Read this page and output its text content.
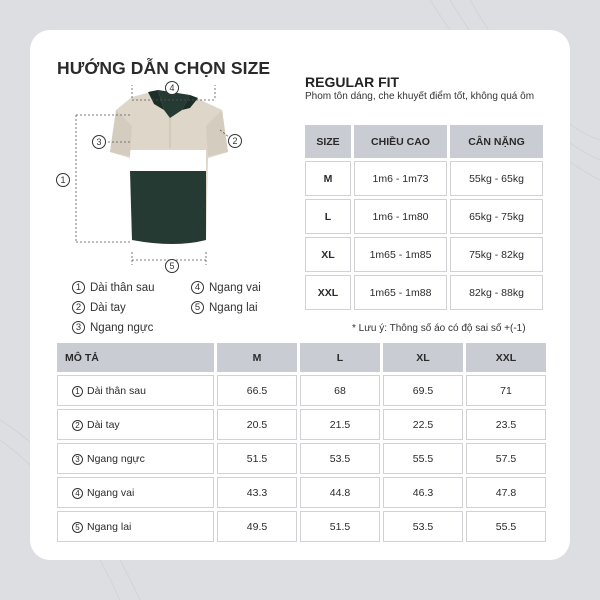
HƯỚNG DẪN CHỌN SIZE
1
2
3
4
5
1 Dài thân sau
2 Dài tay
3 Ngang ngực
4 Ngang vai
5 Ngang lai
REGULAR FIT
Phom tôn dáng, che khuyết điểm tốt, không quá ôm
SIZE	CHIỀU CAO	CÂN NẶNG
M	1m6 - 1m73	55kg - 65kg
L	1m6 - 1m80	65kg - 75kg
XL	1m65 - 1m85	75kg - 82kg
XXL	1m65 - 1m88	82kg - 88kg
* Lưu ý: Thông số áo có độ sai số +(-1)
MÔ TẢ	M	L	XL	XXL
1 Dài thân sau	66.5	68	69.5	71
2 Dài tay	20.5	21.5	22.5	23.5
3 Ngang ngực	51.5	53.5	55.5	57.5
4 Ngang vai	43.3	44.8	46.3	47.8
5 Ngang lai	49.5	51.5	53.5	55.5
